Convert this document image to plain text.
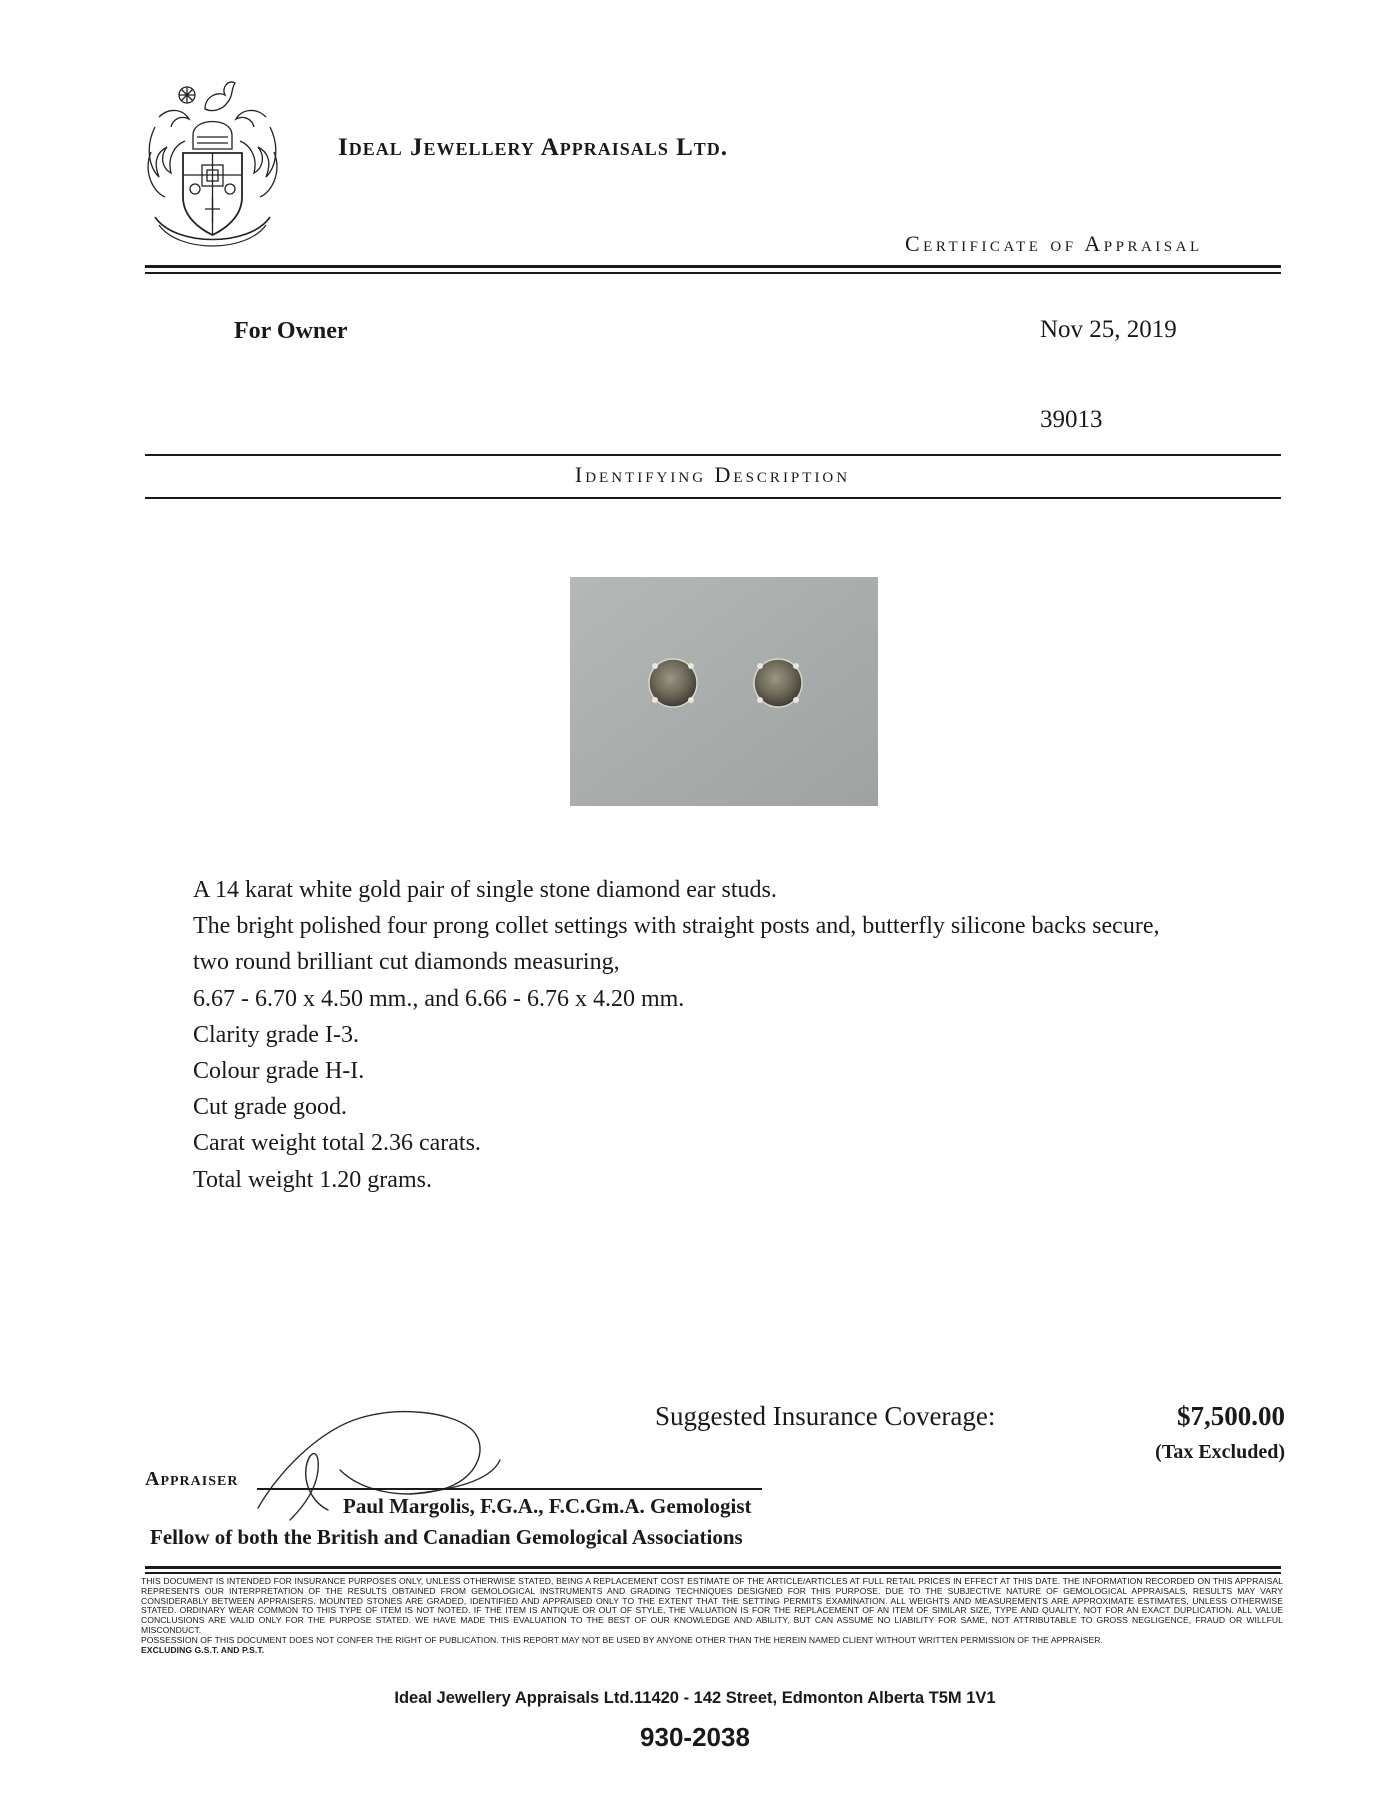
Ideal Jewellery Appraisals Ltd.
Certificate of Appraisal
For Owner	Nov 25, 2019
39013
Identifying Description
A 14 karat white gold pair of single stone diamond ear studs.
The bright polished four prong collet settings with straight posts and, butterfly silicone backs secure,
two round brilliant cut diamonds measuring,
6.67 - 6.70 x 4.50 mm., and 6.66 - 6.76 x 4.20 mm.
Clarity grade I-3.
Colour grade H-I.
Cut grade good.
Carat weight total 2.36 carats.
Total weight 1.20 grams.
Suggested Insurance Coverage:	$7,500.00
(Tax Excluded)
Appraiser
Paul Margolis, F.G.A., F.C.Gm.A. Gemologist
Fellow of both the British and Canadian Gemological Associations
THIS DOCUMENT IS INTENDED FOR INSURANCE PURPOSES ONLY, UNLESS OTHERWISE STATED, BEING A REPLACEMENT COST ESTIMATE OF THE ARTICLE/ARTICLES AT FULL RETAIL PRICES IN EFFECT AT THIS DATE. THE INFORMATION RECORDED ON THIS APPRAISAL REPRESENTS OUR INTERPRETATION OF THE RESULTS OBTAINED FROM GEMOLOGICAL INSTRUMENTS AND GRADING TECHNIQUES DESIGNED FOR THIS PURPOSE. DUE TO THE SUBJECTIVE NATURE OF GEMOLOGICAL APPRAISALS, RESULTS MAY VARY CONSIDERABLY BETWEEN APPRAISERS. MOUNTED STONES ARE GRADED, IDENTIFIED AND APPRAISED ONLY TO THE EXTENT THAT THE SETTING PERMITS EXAMINATION. ALL WEIGHTS AND MEASUREMENTS ARE APPROXIMATE ESTIMATES, UNLESS OTHERWISE STATED. ORDINARY WEAR COMMON TO THIS TYPE OF ITEM IS NOT NOTED. IF THE ITEM IS ANTIQUE OR OUT OF STYLE, THE VALUATION IS FOR THE REPLACEMENT OF AN ITEM OF SIMILAR SIZE, TYPE AND QUALITY, NOT FOR AN EXACT DUPLICATION. ALL VALUE CONCLUSIONS ARE VALID ONLY FOR THE PURPOSE STATED. WE HAVE MADE THIS EVALUATION TO THE BEST OF OUR KNOWLEDGE AND ABILITY, BUT CAN ASSUME NO LIABILITY FOR SAME, NOT ATTRIBUTABLE TO GROSS NEGLIGENCE, FRAUD OR WILLFUL MISCONDUCT.
POSSESSION OF THIS DOCUMENT DOES NOT CONFER THE RIGHT OF PUBLICATION. THIS REPORT MAY NOT BE USED BY ANYONE OTHER THAN THE HEREIN NAMED CLIENT WITHOUT WRITTEN PERMISSION OF THE APPRAISER.
EXCLUDING G.S.T. AND P.S.T.
Ideal Jewellery Appraisals Ltd.11420 - 142 Street, Edmonton Alberta T5M 1V1
930-2038
